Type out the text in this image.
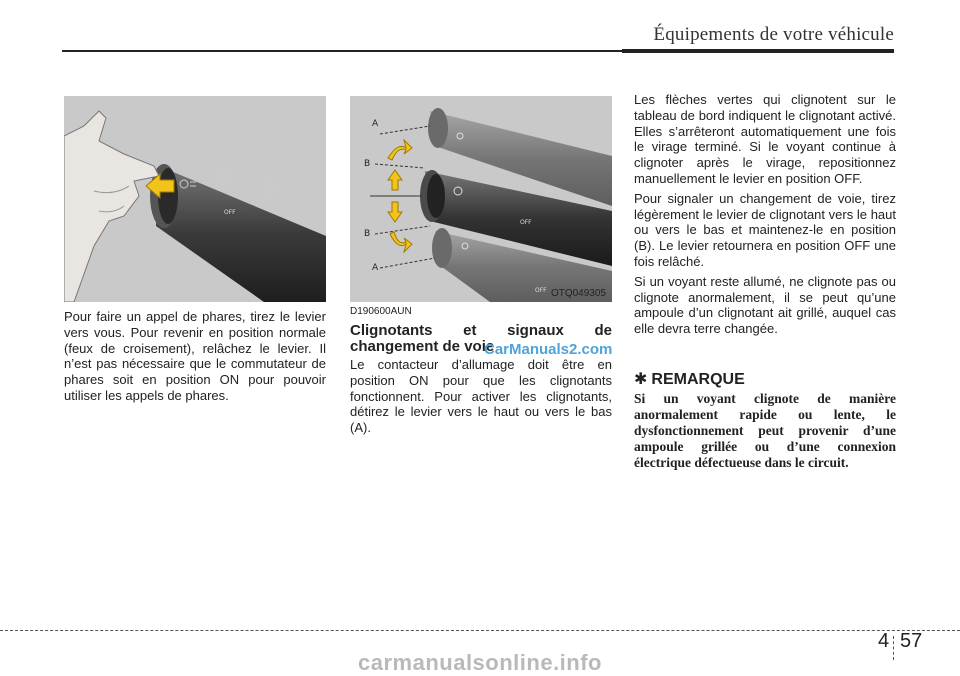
Équipements de votre véhicule
OFF
OTQ049304
A
B
B
A
OFF
OFF OTQ049305

Pour faire un appel de phares, tirez le levier vers vous. Pour revenir en position normale (feux de croisement), relâchez le levier. Il n’est pas nécessaire que le commutateur de phares soit en position ON pour pouvoir utiliser les appels de phares.

D190600AUN
Clignotants et signaux de changement de voie

Le contacteur d’allumage doit être en position ON pour que les clignotants fonctionnent. Pour activer les clignotants, détirez le levier vers le haut ou vers le bas (A).

Les flèches vertes qui clignotent sur le tableau de bord indiquent le clignotant activé. Elles s’arrêteront automatiquement une fois le virage terminé. Si le voyant continue à clignoter après le virage, repositionnez manuellement le levier en position OFF.

Pour signaler un changement de voie, tirez légèrement le levier de clignotant vers le haut ou vers le bas et maintenez-le en position (B). Le levier retournera en position OFF une fois relâché.

Si un voyant reste allumé, ne clignote pas ou clignote anormalement, il se peut qu’une ampoule d’un clignotant ait grillé, auquel cas elle devra terre changée.

✱ REMARQUE

Si un voyant clignote de manière anormalement rapide ou lente, le dysfonctionnement peut provenir d’une ampoule grillée ou d’une connexion électrique défectueuse dans le circuit.

CarManuals2.com
4 57
carmanualsonline.info
